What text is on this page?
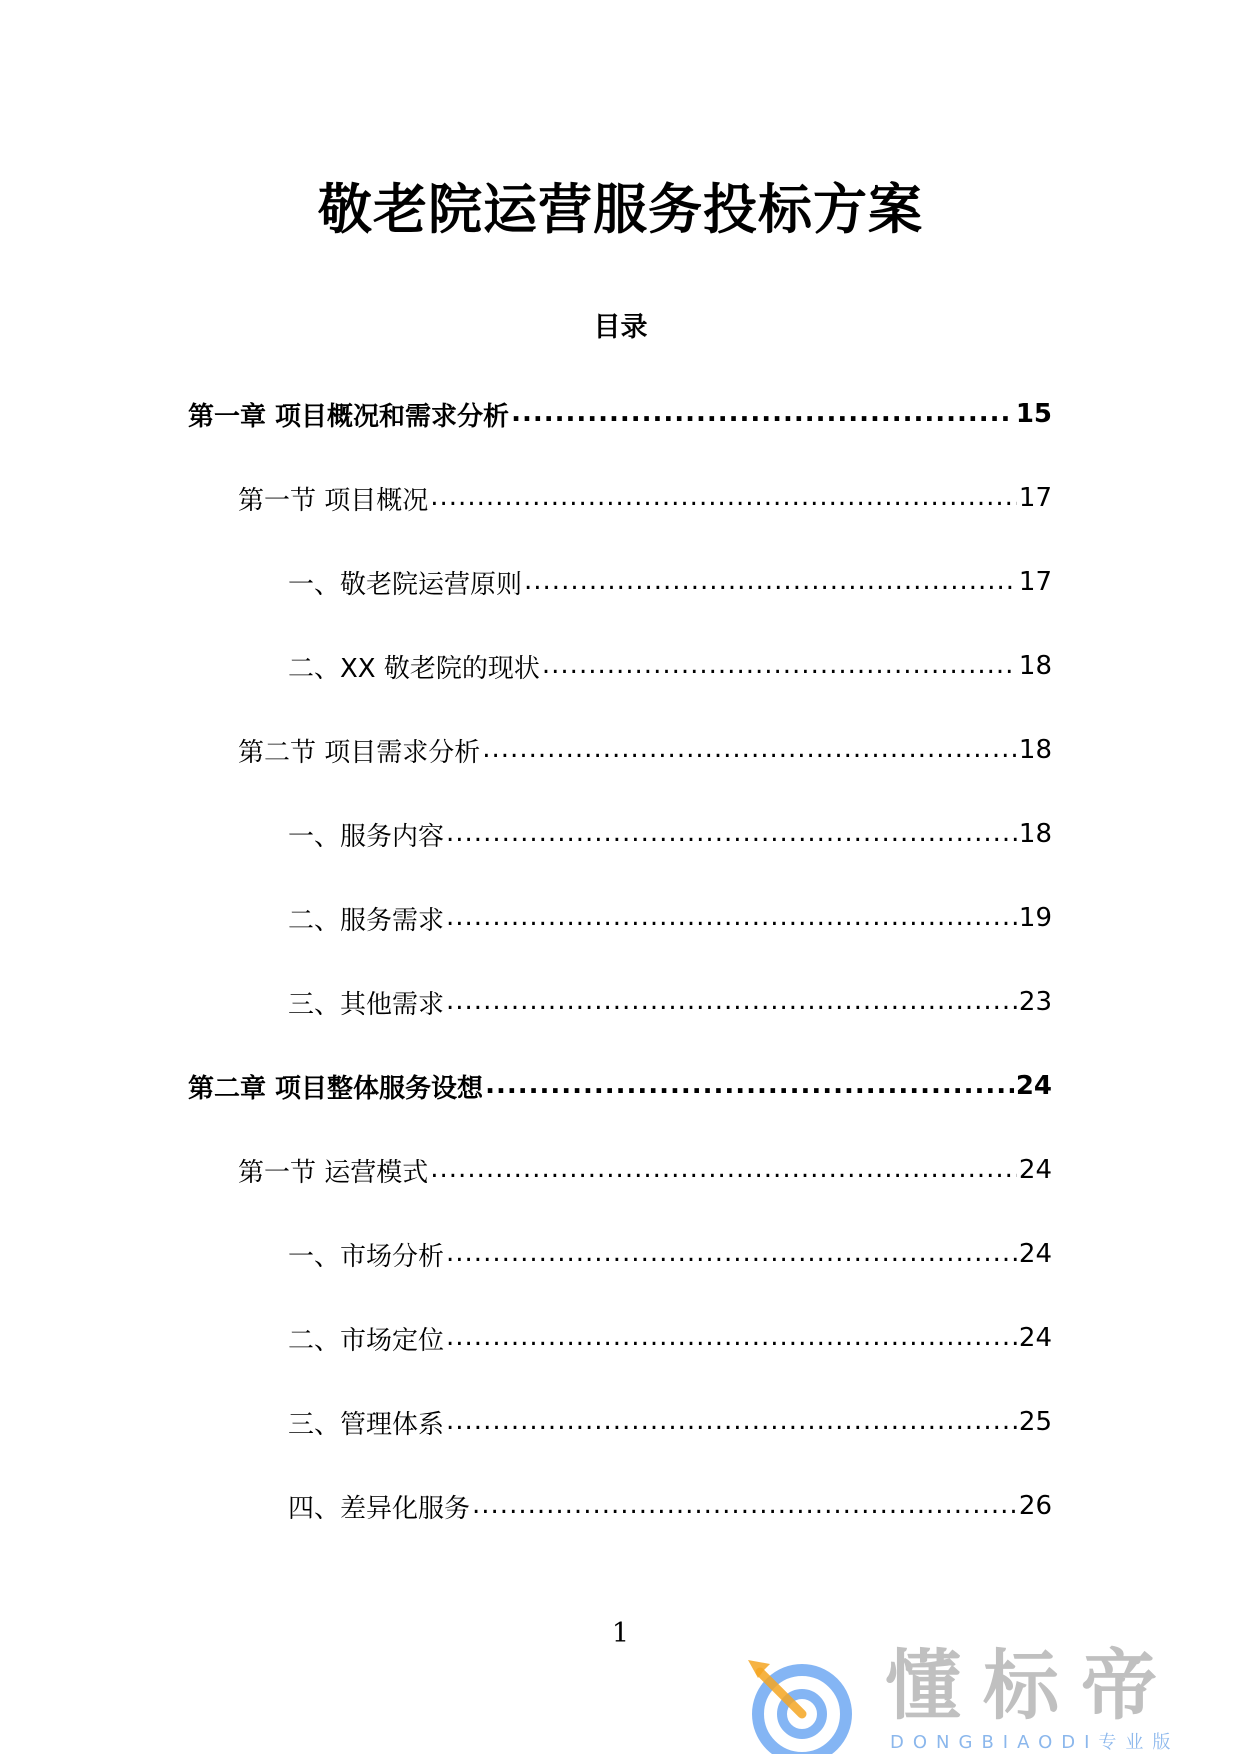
敬老院运营服务投标方案
目录
第一章 项目概况和需求分析 .....	15
第一节 项目概况 .....	17
一、敬老院运营原则 .....	17
二、XX 敬老院的现状 .....	18
第二节 项目需求分析 .....	18
一、服务内容 .....	18
二、服务需求 .....	19
三、其他需求 .....	23
第二章 项目整体服务设想 .....	24
第一节 运营模式 .....	24
一、市场分析 .....	24
二、市场定位 .....	24
三、管理体系 .....	25
四、差异化服务 .....	26
1
懂标帝
DONGBIAODI专业版
